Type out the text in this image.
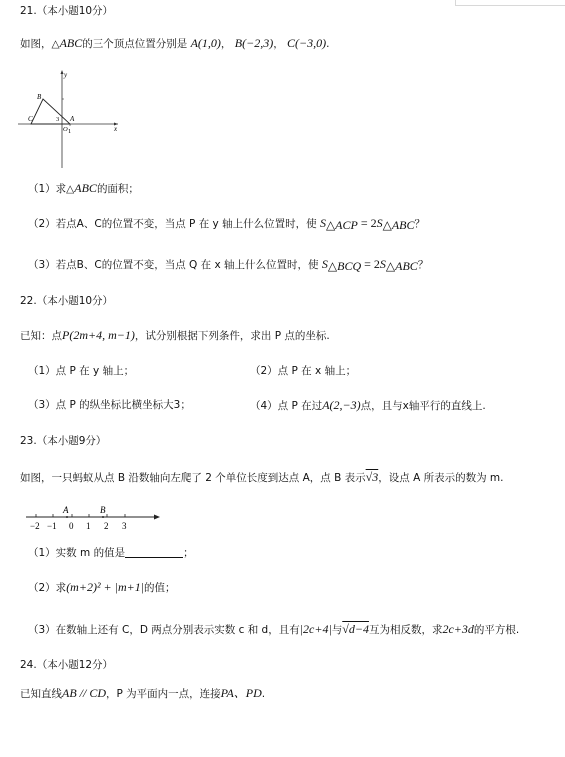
21.（本小题10分）
如图，△ABC的三个顶点位置分别是 A(1,0)， B(−2,3)， C(−3,0).
y
x
B
C	A
O
3
1
（1）求△ABC的面积；
（2）若点A、C的位置不变，当点 P 在 y 轴上什么位置时，使 $S_{\triangle ACP} = 2S_{\triangle ABC}$？
（3）若点B、C的位置不变，当点 Q 在 x 轴上什么位置时，使 $S_{\triangle BCQ} = 2S_{\triangle ABC}$？
22.（本小题10分）
已知：点P(2m+4, m−1)，试分别根据下列条件，求出 P 点的坐标.
（1）点 P 在 y 轴上；	（2）点 P 在 x 轴上；
（3）点 P 的纵坐标比横坐标大3；	（4）点 P 在过A(2,−3)点，且与x轴平行的直线上.
23.（本小题9分）
如图，一只蚂蚁从点 B 沿数轴向左爬了 2 个单位长度到达点 A，点 B 表示√3，设点 A 所表示的数为 m.
A	B
−2 −1 0 1 2 3
（1）实数 m 的值是	；
（2）求(m+2)² + |m+1|的值；
（3）在数轴上还有 C，D 两点分别表示实数 c 和 d，且有|2c+4|与√d−4互为相反数，求2c+3d的平方根.
24.（本小题12分）
已知直线AB // CD，P 为平面内一点，连接PA、PD.
